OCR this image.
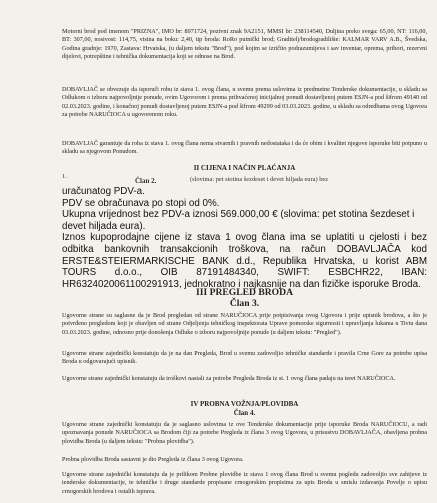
Motorni brod pod imenom "PRIZNA", IMO br: 8971724, pozivni znak 9A2151, MMSI br: 238114540, Duljina preko svega: 65,00, NT: 116,00, BT: 307,00, nosivost: 114,75, visina na boku: 2,40, tip broda: RoRo putnički brod; Graditelj/brodogradilište: KALMAR VARV A.B., Švedska, Godina gradnje: 1970, Zastava: Hrvatska, (u daljem tekstu "Brod"), pod kojim se izričito podrazumijeva i sav inventar, oprema, pribori, rezervni dijelovi, potrepštine i tehnička dokumentacija koji se odnose na Brod.

DOBAVLJAČ se obvezuje da isporuči robu iz stava 1. ovog člana, u svemu prema uslovima iz predmetne Tenderske dokumentacije, u skladu sa Odlukom o izboru najpovoljnije ponude, ovim Ugovorom i prema prihvaćenoj inicijalnoj ponudi dostavljenoj putem ESJN-a pod šifrom 49140 od 02.03.2023. godine, i konačnoj ponudi dostavljenoj putem ESJN-a pod šifrom 49299 od 03.03.2023. godine, u skladu sa odredbama ovog Ugovora za potrebe NARUČIOCA u ugovorenom roku.

DOBAVLJAČ garantuje da roba iz stava 1. ovog člana nema stvarnih i pravnih nedostataka i da će obim i kvalitet njegove isporuke biti potpuno u skladu sa njegovom Ponudom.

II CIJENA I NAČIN PLAĆANJA

1.
Član 2.	(slovima: pet stotina šezdeset i devet hiljada eura) bez
uračunatog PDV-a.
PDV se obračunava po stopi od 0%.
Ukupna vrijednost bez PDV-a iznosi 569.000,00 € (slovima: pet stotina šezdeset i devet hiljada eura).
Iznos kupoprodajne cijene iz stava 1 ovog člana ima se uplatiti u cjelosti i bez odbitka bankovnih transakcionih troškova, na račun DOBAVLJAČA kod ERSTE&STEIERMARKISCHE BANK d.d., Republika Hrvatska, u korist ABM TOURS d.o.o., OIB 87191484340, SWIFT: ESBCHR22, IBAN: HR6324020061100291913, jednokratno i najkasnije na dan fizičke isporuke Broda.

III PREGLED BRODA

Član 3.

Ugovorne strane su saglasne da je Brod pregledan od strane NARUČIOCA prije potpisivanja ovog Ugovora i prije upisnik brodova, a što je potvrđeno pregledom koji je obavljen od strane Odjeljenja tehničkog inspektorata Uprave pomorske sigurnosti i upravljanja lukama u Tivtu dana 03.03.2023. godine, odnosno prije donošenja Odluke o izboru najpovoljnije ponude (u daljem tekstu: "Pregled").

Ugovorne strane zajednički konstatuju da je na dan Pregleda, Brod u svemu zadovoljio tehničke standarde i pravila Crne Gore za potrebe upisa Broda u odgovarajući upisnik.

Ugovorne strane zajednički konstatuju da troškovi nastali za potrebe Pregleda Broda iz st. 1 ovog člana padaju na teret NARUČIOCA.

IV PROBNA VOŽNJA/PLOVIDBA

Član 4.

Ugovorne strane zajednički konstatuju da je saglasno uslovima iz ove Tenderske dokumentacije prije isporuke Broda NARUČIOCU, a radi upoznavanja ponude NARUČIOCA sa Brodom čiji za potrebe Pregleda iz člana 3 ovog Ugovora, u prisustvu DOBAVLJAČA, obavljena probna plovidba Broda (u daljem tekstu: "Probna plovidba").

Probna plovidba Broda sastavni je dio Pregleda iz člana 3 ovog Ugovora.

Ugovorne strane zajednički konstatuju da je prilikom Probne plovidbe iz stava 1 ovog člana Brod u svemu pogledu zadovoljio sve zahtjeve iz tenderske dokumentacije, te tehničke i druge standarde propisane crnogorskim propisima za upis Broda u smislu izdavanja Povelje o upisu crnogorskih brodova i ostalih isprava.
